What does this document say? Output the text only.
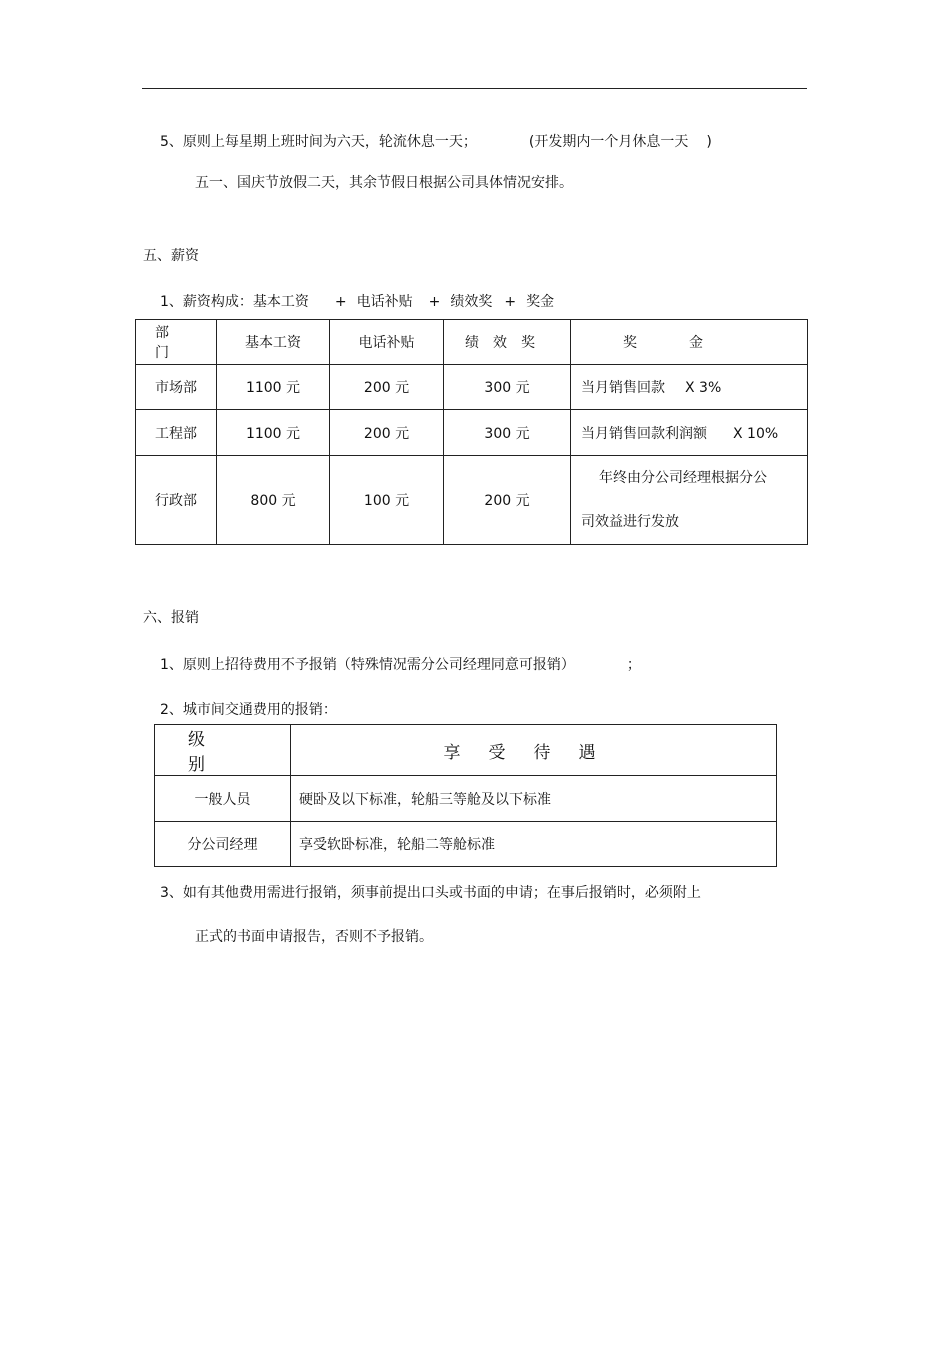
5、原则上每星期上班时间为六天，轮流休息一天；	(开发期内一个月休息一天 )
五一、国庆节放假二天，其余节假日根据公司具体情况安排。
五、薪资
1、薪资构成：基本工资 + 电话补贴 + 绩效奖 + 奖金
部门	基本工资	电话补贴	绩效奖	奖金
市场部	1100 元	200 元	300 元	当月销售回款 X 3%
工程部	1100 元	200 元	300 元	当月销售回款利润额 X 10%
行政部	800 元	100 元	200 元	年终由分公司经理根据分公
司效益进行发放
六、报销
1、原则上招待费用不予报销（特殊情况需分公司经理同意可报销）	；
2、城市间交通费用的报销：
级别	享受待遇
一般人员	硬卧及以下标准，轮船三等舱及以下标准
分公司经理	享受软卧标准，轮船二等舱标准
3、如有其他费用需进行报销，须事前提出口头或书面的申请；在事后报销时，必须附上
正式的书面申请报告，否则不予报销。
